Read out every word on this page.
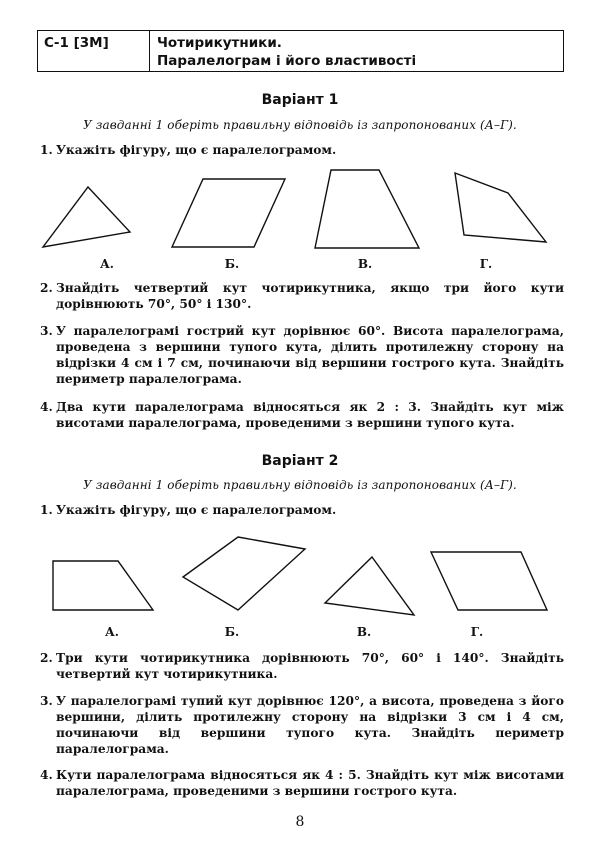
С-1 [3М]	Чотирикутники.
Паралелограм і його властивості
Варіант 1
У завданні 1 оберіть правильну відповідь із запропонованих (А–Г).
1. Укажіть фігуру, що є паралелограмом.
А.	Б.	В.	Г.
2. Знайдіть четвертий кут чотирикутника, якщо три його кути дорівнюють 70°, 50° і 130°.
3. У паралелограмі гострий кут дорівнює 60°. Висота паралелограма, проведена з вершини тупого кута, ділить протилежну сторону на відрізки 4 см і 7 см, починаючи від вершини гострого кута. Знайдіть периметр паралелограма.
4. Два кути паралелограма відносяться як 2 : 3. Знайдіть кут між висотами паралелограма, проведеними з вершини тупого кута.
Варіант 2
У завданні 1 оберіть правильну відповідь із запропонованих (А–Г).
1. Укажіть фігуру, що є паралелограмом.
А.	Б.	В.	Г.
2. Три кути чотирикутника дорівнюють 70°, 60° і 140°. Знайдіть четвертий кут чотирикутника.
3. У паралелограмі тупий кут дорівнює 120°, а висота, проведена з його вершини, ділить протилежну сторону на відрізки 3 см і 4 см, починаючи від вершини тупого кута. Знайдіть периметр паралелограма.
4. Кути паралелограма відносяться як 4 : 5. Знайдіть кут між висотами паралелограма, проведеними з вершини гострого кута.
8
